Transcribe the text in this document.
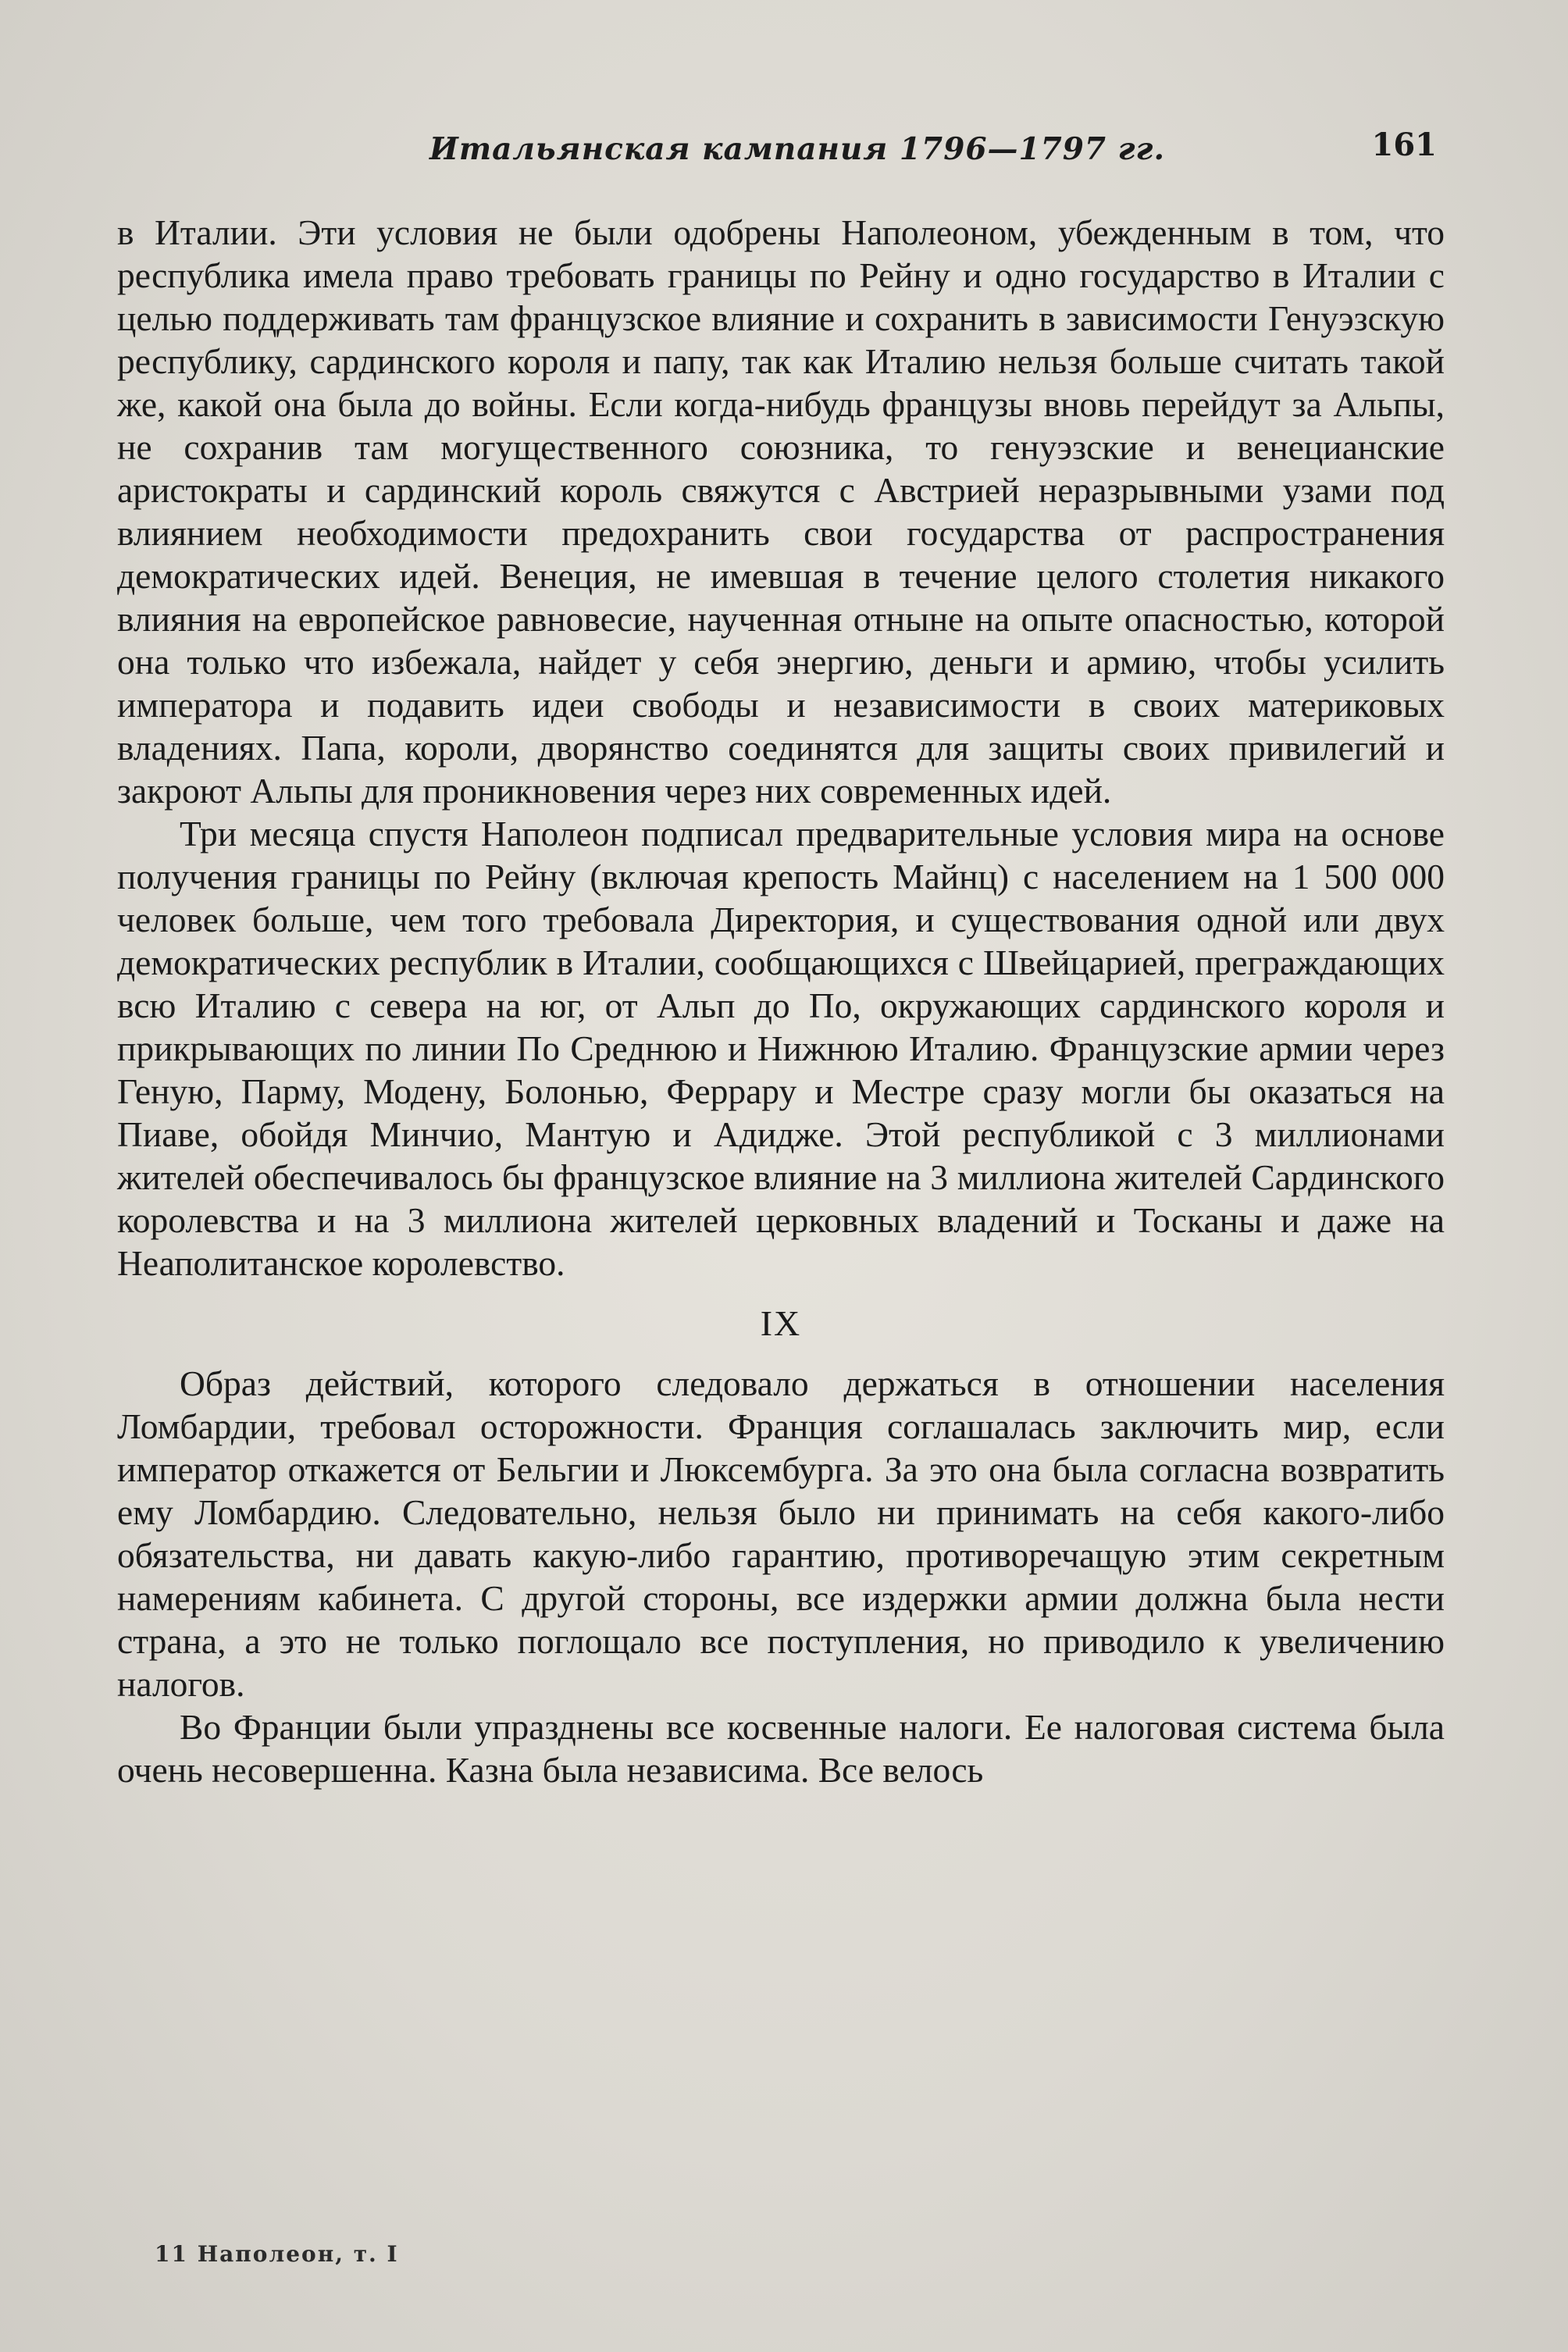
Итальянская кампания 1796—1797 гг.	161

в Италии. Эти условия не были одобрены Наполеоном, убежденным в том, что республика имела право требовать границы по Рейну и одно государство в Италии с целью поддерживать там французское влияние и сохранить в зависимости Генуэзскую республику, сардинского короля и папу, так как Италию нельзя больше считать такой же, какой она была до войны. Если когда-нибудь французы вновь перейдут за Альпы, не сохранив там могущественного союзника, то генуэзские и венецианские аристократы и сардинский король свяжутся с Австрией неразрывными узами под влиянием необходимости предохранить свои государства от распространения демократических идей. Венеция, не имевшая в течение целого столетия никакого влияния на европейское равновесие, наученная отныне на опыте опасностью, которой она только что избежала, найдет у себя энергию, деньги и армию, чтобы усилить императора и подавить идеи свободы и независимости в своих материковых владениях. Папа, короли, дворянство соединятся для защиты своих привилегий и закроют Альпы для проникновения через них современных идей.

Три месяца спустя Наполеон подписал предварительные условия мира на основе получения границы по Рейну (включая крепость Майнц) с населением на 1 500 000 человек больше, чем того требовала Директория, и существования одной или двух демократических республик в Италии, сообщающихся с Швейцарией, преграждающих всю Италию с севера на юг, от Альп до По, окружающих сардинского короля и прикрывающих по линии По Среднюю и Нижнюю Италию. Французские армии через Геную, Парму, Модену, Болонью, Феррару и Местре сразу могли бы оказаться на Пиаве, обойдя Минчио, Мантую и Адидже. Этой республикой с 3 миллионами жителей обеспечивалось бы французское влияние на 3 миллиона жителей Сардинского королевства и на 3 миллиона жителей церковных владений и Тосканы и даже на Неаполитанское королевство.

IX

Образ действий, которого следовало держаться в отношении населения Ломбардии, требовал осторожности. Франция соглашалась заключить мир, если император откажется от Бельгии и Люксембурга. За это она была согласна возвратить ему Ломбардию. Следовательно, нельзя было ни принимать на себя какого-либо обязательства, ни давать какую-либо гарантию, противоречащую этим секретным намерениям кабинета. С другой стороны, все издержки армии должна была нести страна, а это не только поглощало все поступления, но приводило к увеличению налогов.

Во Франции были упразднены все косвенные налоги. Ее налоговая система была очень несовершенна. Казна была независима. Все велось

11 Наполеон, т. I
